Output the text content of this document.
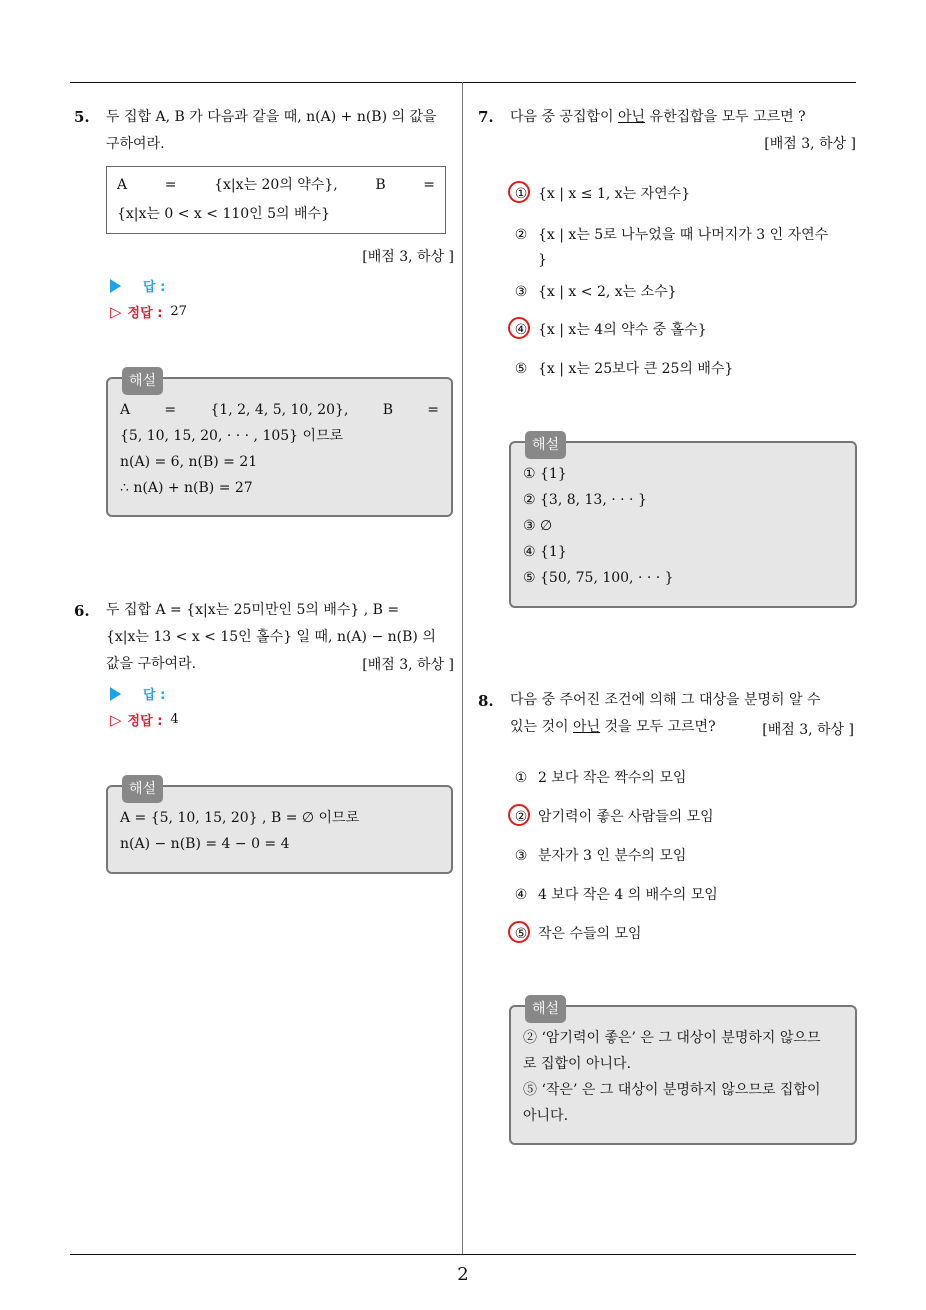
2
5. 두 집합 A, B 가 다음과 같을 때, n(A) + n(B) 의 값을
구하여라.
A	=	{x|x는 20의 약수},	B	=
{x|x는 0 < x < 110인 5의 배수}
[배점 3, 하상 ]
답 :
▷ 정답 : 27
해설
A = {1, 2, 4, 5, 10, 20}, B =
{5, 10, 15, 20, · · · , 105} 이므로
n(A) = 6, n(B) = 21
∴ n(A) + n(B) = 27
6. 두 집합 A = {x|x는 25미만인 5의 배수} , B =
{x|x는 13 < x < 15인 홀수} 일 때, n(A) − n(B) 의
값을 구하여라.	[배점 3, 하상 ]
답 :
▷ 정답 : 4
해설
A = {5, 10, 15, 20} , B = ∅ 이므로
n(A) − n(B) = 4 − 0 = 4
7. 다음 중 공집합이 아닌 유한집합을 모두 고르면 ?
[배점 3, 하상 ]
① {x | x ≤ 1, x는 자연수}
② {x | x는 5로 나누었을 때 나머지가 3 인 자연수
}
③ {x | x < 2, x는 소수}
④ {x | x는 4의 약수 중 홀수}
⑤ {x | x는 25보다 큰 25의 배수}
해설
① {1}
② {3, 8, 13, · · · }
③ ∅
④ {1}
⑤ {50, 75, 100, · · · }
8. 다음 중 주어진 조건에 의해 그 대상을 분명히 알 수
있는 것이 아닌 것을 모두 고르면?	[배점 3, 하상 ]
① 2 보다 작은 짝수의 모임
② 암기력이 좋은 사람들의 모임
③ 분자가 3 인 분수의 모임
④ 4 보다 작은 4 의 배수의 모임
⑤ 작은 수들의 모임
해설
② ‘암기력이 좋은’ 은 그 대상이 분명하지 않으므
로 집합이 아니다.
⑤ ‘작은’ 은 그 대상이 분명하지 않으므로 집합이
아니다.
